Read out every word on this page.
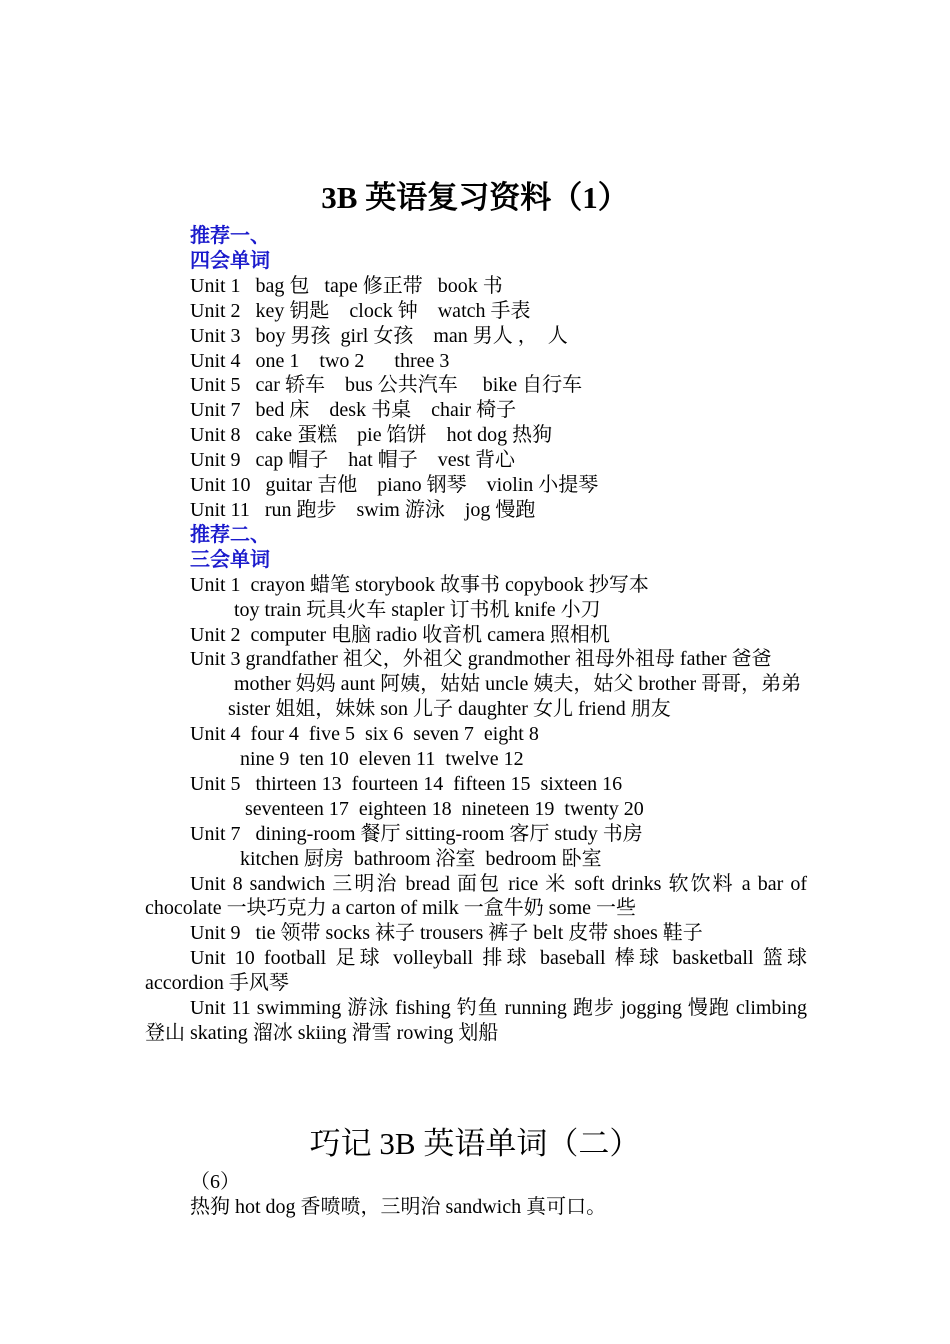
3B 英语复习资料（1）
推荐一、
四会单词
Unit 1   bag 包   tape 修正带   book 书
Unit 2   key 钥匙    clock 钟    watch 手表
Unit 3   boy 男孩  girl 女孩    man 男人 ，  人
Unit 4   one 1    two 2      three 3
Unit 5   car 轿车    bus 公共汽车     bike 自行车
Unit 7   bed 床    desk 书桌    chair 椅子
Unit 8   cake 蛋糕    pie 馅饼    hot dog 热狗
Unit 9   cap 帽子    hat 帽子    vest 背心
Unit 10   guitar 吉他    piano 钢琴    violin 小提琴
Unit 11   run 跑步    swim 游泳    jog 慢跑
推荐二、
三会单词
Unit 1  crayon 蜡笔 storybook 故事书 copybook 抄写本
toy train 玩具火车 stapler 订书机 knife 小刀
Unit 2  computer 电脑 radio 收音机 camera 照相机
Unit 3 grandfather 祖父，外祖父 grandmother 祖母外祖母 father 爸爸
mother 妈妈 aunt 阿姨，姑姑 uncle 姨夫，姑父 brother 哥哥，弟弟
sister 姐姐，妹妹 son 儿子 daughter 女儿 friend 朋友
Unit 4  four 4  five 5  six 6  seven 7  eight 8
nine 9  ten 10  eleven 11  twelve 12
Unit 5   thirteen 13  fourteen 14  fifteen 15  sixteen 16
seventeen 17  eighteen 18  nineteen 19  twenty 20
Unit 7   dining-room 餐厅 sitting-room 客厅 study 书房
kitchen 厨房  bathroom 浴室  bedroom 卧室
Unit 8 sandwich 三明治 bread 面包 rice 米 soft drinks 软饮料 a bar of chocolate 一块巧克力 a carton of milk 一盒牛奶 some 一些
Unit 9   tie 领带 socks 袜子 trousers 裤子 belt 皮带 shoes 鞋子
Unit 10 football 足球 volleyball 排球 baseball 棒球 basketball 篮球 accordion 手风琴
Unit 11 swimming 游泳 fishing 钓鱼 running 跑步 jogging 慢跑 climbing 登山 skating 溜冰 skiing 滑雪 rowing 划船
巧记 3B 英语单词（二）
（6）
热狗 hot dog 香喷喷，三明治 sandwich 真可口。
